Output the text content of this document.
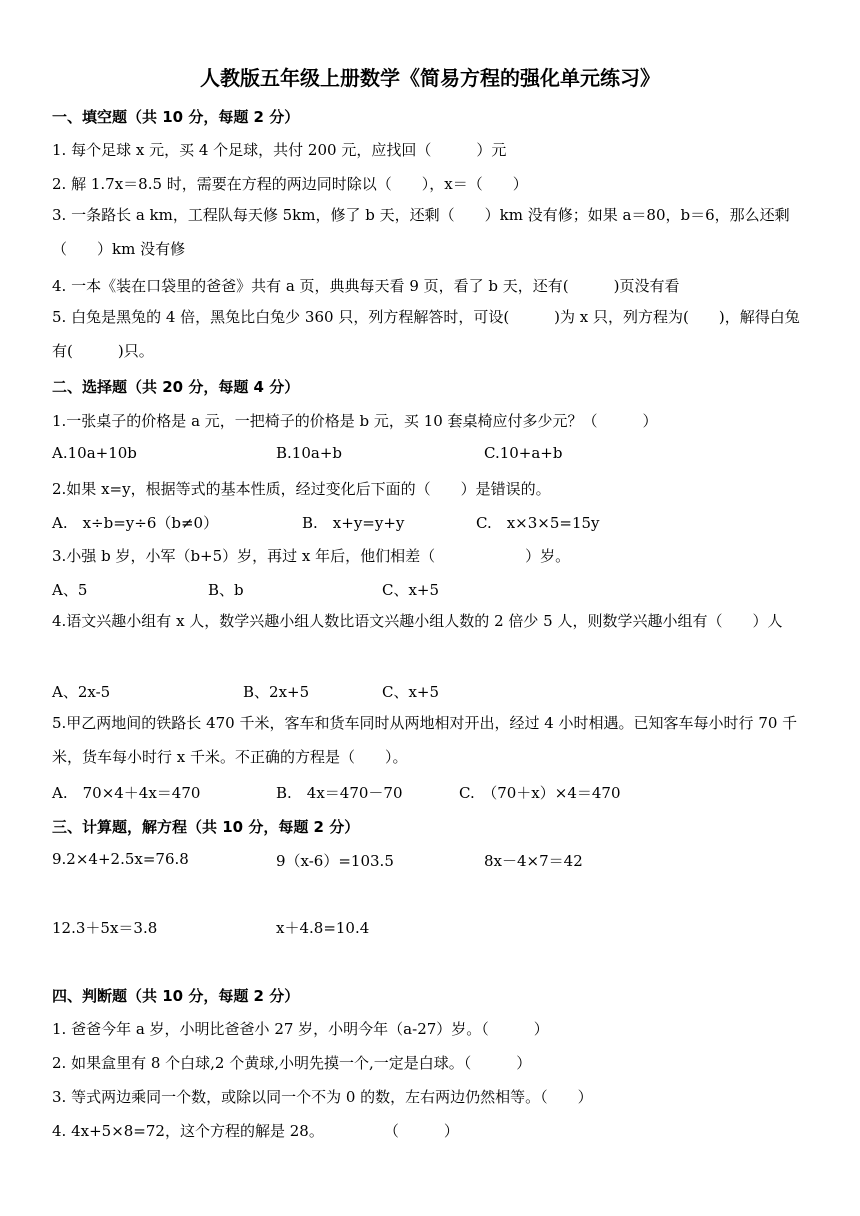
人教版五年级上册数学《简易方程的强化单元练习》
一、填空题（共 10 分，每题 2 分）
1. 每个足球 x 元，买 4 个足球，共付 200 元，应找回（　　　）元
2. 解 1.7x＝8.5 时，需要在方程的两边同时除以（　　），x＝（　　）
3. 一条路长 a km，工程队每天修 5km，修了 b 天，还剩（　　）km 没有修；如果 a＝80，b＝6，那么还剩（　　）km 没有修
4. 一本《装在口袋里的爸爸》共有 a 页，典典每天看 9 页，看了 b 天，还有(　　　)页没有看
5. 白兔是黑兔的 4 倍，黑兔比白兔少 360 只，列方程解答时，可设(　　　)为 x 只，列方程为(　　)，解得白兔有(　　　)只。
二、选择题（共 20 分，每题 4 分）
1.一张桌子的价格是 a 元，一把椅子的价格是 b 元，买 10 套桌椅应付多少元？（　　　）
A.10a+10b	B.10a+b	C.10+a+b
2.如果 x=y，根据等式的基本性质，经过变化后下面的（　　）是错误的。
A.　x÷b=y÷6（b≠0）	B.　x+y=y+y	C.　x×3×5=15y
3.小强 b 岁，小军（b+5）岁，再过 x 年后，他们相差（　　　　　　）岁。
A、5	B、b	C、x+5
4.语文兴趣小组有 x 人，数学兴趣小组人数比语文兴趣小组人数的 2 倍少 5 人，则数学兴趣小组有（　　）人
A、2x-5	B、2x+5	C、x+5
5.甲乙两地间的铁路长 470 千米，客车和货车同时从两地相对开出，经过 4 小时相遇。已知客车每小时行 70 千米，货车每小时行 x 千米。不正确的方程是（　　）。
A.　70×4＋4x＝470	B.　4x＝470－70	C.　（70＋x）×4＝470
三、计算题，解方程（共 10 分，每题 2 分）
9.2×4+2.5x=76.8	9（x-6）=103.5	8x－4×7＝42
12.3＋5x＝3.8	x＋4.8=10.4
四、判断题（共 10 分，每题 2 分）
1. 爸爸今年 a 岁，小明比爸爸小 27 岁，小明今年（a-27）岁。（　　　）
2. 如果盒里有 8 个白球,2 个黄球,小明先摸一个,一定是白球。（　　　）
3. 等式两边乘同一个数，或除以同一个不为 0 的数，左右两边仍然相等。（　　）
4. 4x+5×8=72，这个方程的解是 28。　　　　　（　　　）
